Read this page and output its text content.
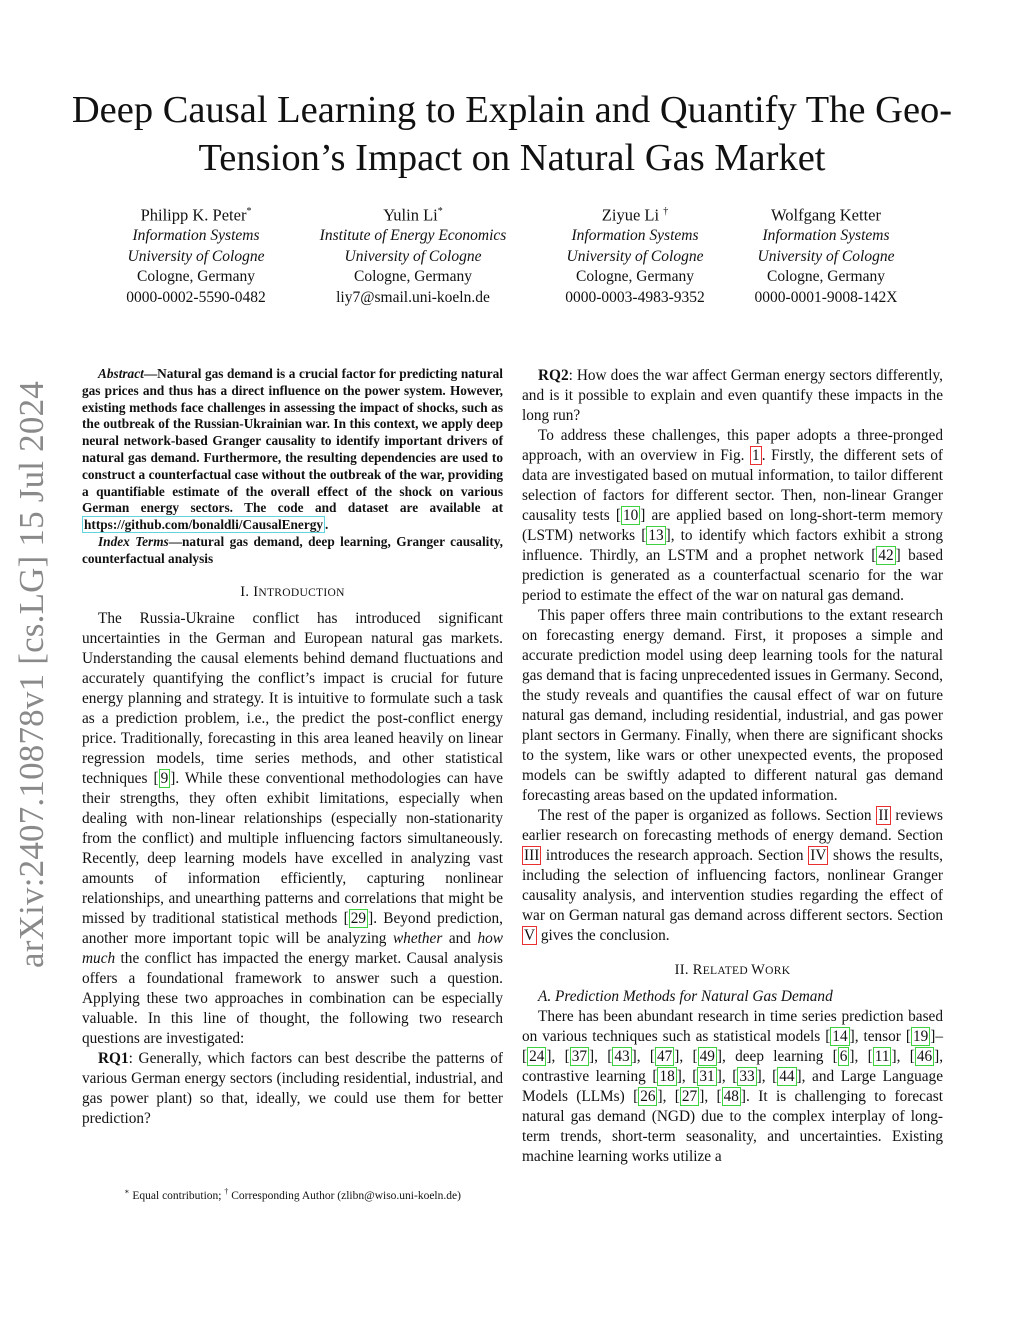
arXiv:2407.10878v1 [cs.LG] 15 Jul 2024
Deep Causal Learning to Explain and Quantify The Geo-Tension’s Impact on Natural Gas Market
Philipp K. Peter*
Information Systems
University of Cologne
Cologne, Germany
0000-0002-5590-0482
Yulin Li*
Institute of Energy Economics
University of Cologne
Cologne, Germany
liy7@smail.uni-koeln.de
Ziyue Li †
Information Systems
University of Cologne
Cologne, Germany
0000-0003-4983-9352
Wolfgang Ketter
Information Systems
University of Cologne
Cologne, Germany
0000-0001-9008-142X

Abstract—Natural gas demand is a crucial factor for predicting natural gas prices and thus has a direct influence on the power system. However, existing methods face challenges in assessing the impact of shocks, such as the outbreak of the Russian-Ukrainian war. In this context, we apply deep neural network-based Granger causality to identify important drivers of natural gas demand. Furthermore, the resulting dependencies are used to construct a counterfactual case without the outbreak of the war, providing a quantifiable estimate of the overall effect of the shock on various German energy sectors. The code and dataset are available at https://github.com/bonaldli/CausalEnergy .

Index Terms—natural gas demand, deep learning, Granger causality, counterfactual analysis

I. INTRODUCTION

The Russia-Ukraine conflict has introduced significant uncertainties in the German and European natural gas markets. Understanding the causal elements behind demand fluctuations and accurately quantifying the conflict’s impact is crucial for future energy planning and strategy. It is intuitive to formulate such a task as a prediction problem, i.e., the predict the post-conflict energy price. Traditionally, forecasting in this area leaned heavily on linear regression models, time series methods, and other statistical techniques [ 9 ]. While these conventional methodologies can have their strengths, they often exhibit limitations, especially when dealing with non-linear relationships (especially non-stationarity from the conflict) and multiple influencing factors simultaneously. Recently, deep learning models have excelled in analyzing vast amounts of information efficiently, capturing nonlinear relationships, and unearthing patterns and correlations that might be missed by traditional statistical methods [ 29 ]. Beyond prediction, another more important topic will be analyzing whether and how much the conflict has impacted the energy market. Causal analysis offers a foundational framework to answer such a question. Applying these two approaches in combination can be especially valuable. In this line of thought, the following two research questions are investigated:

RQ1: Generally, which factors can best describe the patterns of various German energy sectors (including residential, industrial, and gas power plant) so that, ideally, we could use them for better prediction?

∗ Equal contribution; † Corresponding Author (zlibn@wiso.uni-koeln.de)

RQ2: How does the war affect German energy sectors differently, and is it possible to explain and even quantify these impacts in the long run?

To address these challenges, this paper adopts a three-pronged approach, with an overview in Fig. 1 . Firstly, the different sets of data are investigated based on mutual information, to tailor different selection of factors for different sector. Then, non-linear Granger causality tests [ 10 ] are applied based on long-short-term memory (LSTM) networks [ 13 ], to identify which factors exhibit a strong influence. Thirdly, an LSTM and a prophet network [ 42 ] based prediction is generated as a counterfactual scenario for the war period to estimate the effect of the war on natural gas demand.

This paper offers three main contributions to the extant research on forecasting energy demand. First, it proposes a simple and accurate prediction model using deep learning tools for the natural gas demand that is facing unprecedented issues in Germany. Second, the study reveals and quantifies the causal effect of war on future natural gas demand, including residential, industrial, and gas power plant sectors in Germany. Finally, when there are significant shocks to the system, like wars or other unexpected events, the proposed models can be swiftly adapted to different natural gas demand forecasting areas based on the updated information.

The rest of the paper is organized as follows. Section II reviews earlier research on forecasting methods of energy demand. Section III introduces the research approach. Section IV shows the results, including the selection of influencing factors, nonlinear Granger causality analysis, and intervention studies regarding the effect of war on German natural gas demand across different sectors. Section V gives the conclusion.

II. RELATED WORK

A. Prediction Methods for Natural Gas Demand

There has been abundant research in time series prediction based on various techniques such as statistical models [ 14 ], tensor [ 19 ]–[ 24 ], [ 37 ], [ 43 ], [ 47 ], [ 49 ], deep learning [ 6 ], [ 11 ], [ 46 ], contrastive learning [ 18 ], [ 31 ], [ 33 ], [ 44 ], and Large Language Models (LLMs) [ 26 ], [ 27 ], [ 48 ]. It is challenging to forecast natural gas demand (NGD) due to the complex interplay of long-term trends, short-term seasonality, and uncertainties. Existing machine learning works utilize a
